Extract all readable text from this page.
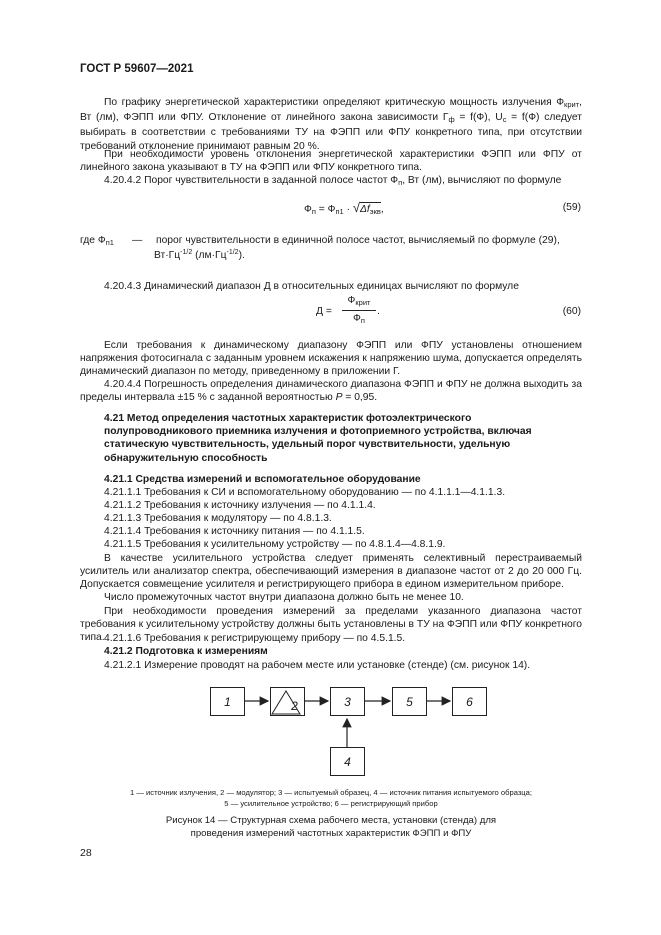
ГОСТ Р 59607—2021
По графику энергетической характеристики определяют критическую мощность излучения $Ф_{крит}$, Вт (лм), ФЭПП или ФПУ. Отклонение от линейного закона зависимости $Г_ф = f(Ф)$, $U_с = f(Ф)$ следует выбирать в соответствии с требованиями ТУ на ФЭПП или ФПУ конкретного типа, при отсутствии требований отклонение принимают равным 20 %.
При необходимости уровень отклонения энергетической характеристики ФЭПП или ФПУ от линейного закона указывают в ТУ на ФЭПП или ФПУ конкретного типа.
4.20.4.2 Порог чувствительности в заданной полосе частот $Ф_п$, Вт (лм), вычисляют по формуле
$Ф_п = Ф_{п1} \cdot √\Delta f_{экв}$,	(59)
где $Ф_{п1}$ — порог чувствительности в единичной полосе частот, вычисляемый по формуле (29),
$Вт\cdot Гц^{-1/2}$ $(лм\cdot Гц^{-1/2})$.
4.20.4.3 Динамический диапазон Д в относительных единицах вычисляют по формуле
Д =
$Ф_{крит}$
$Ф_п$
.	(60)
Если требования к динамическому диапазону ФЭПП или ФПУ установлены отношением напряжения фотосигнала с заданным уровнем искажения к напряжению шума, допускается определять динамический диапазон по методу, приведенному в приложении Г.
4.20.4.4 Погрешность определения динамического диапазона ФЭПП и ФПУ не должна выходить за пределы интервала ±15 % с заданной вероятностью P = 0,95.
4.21 Метод определения частотных характеристик фотоэлектрического полупроводникового приемника излучения и фотоприемного устройства, включая статическую чувствительность, удельный порог чувствительности, удельную обнаружительную способность
4.21.1 Средства измерений и вспомогательное оборудование
4.21.1.1 Требования к СИ и вспомогательному оборудованию — по 4.1.1.1—4.1.1.3.
4.21.1.2 Требования к источнику излучения — по 4.1.1.4.
4.21.1.3 Требования к модулятору — по 4.8.1.3.
4.21.1.4 Требования к источнику питания — по 4.1.1.5.
4.21.1.5 Требования к усилительному устройству — по 4.8.1.4—4.8.1.9.
В качестве усилительного устройства следует применять селективный перестраиваемый усилитель или анализатор спектра, обеспечивающий измерения в диапазоне частот от 2 до 20 000 Гц. Допускается совмещение усилителя и регистрирующего прибора в едином измерительном приборе.
Число промежуточных частот внутри диапазона должно быть не менее 10.
При необходимости проведения измерений за пределами указанного диапазона частот требования к усилительному устройству должны быть установлены в ТУ на ФЭПП или ФПУ конкретного типа. 4.21.1.6 Требования к регистрирующему прибору — по 4.5.1.5.
4.21.2 Подготовка к измерениям
4.21.2.1 Измерение проводят на рабочем месте или установке (стенде) (см. рисунок 14).
1	2	3	5	6
4
1 — источник излучения, 2 — модулятор; 3 — испытуемый образец, 4 — источник питания испытуемого образца;
5 — усилительное устройство; 6 — регистрирующий прибор
Рисунок 14 — Структурная схема рабочего места, установки (стенда) для проведения измерений частотных характеристик ФЭПП и ФПУ
28
